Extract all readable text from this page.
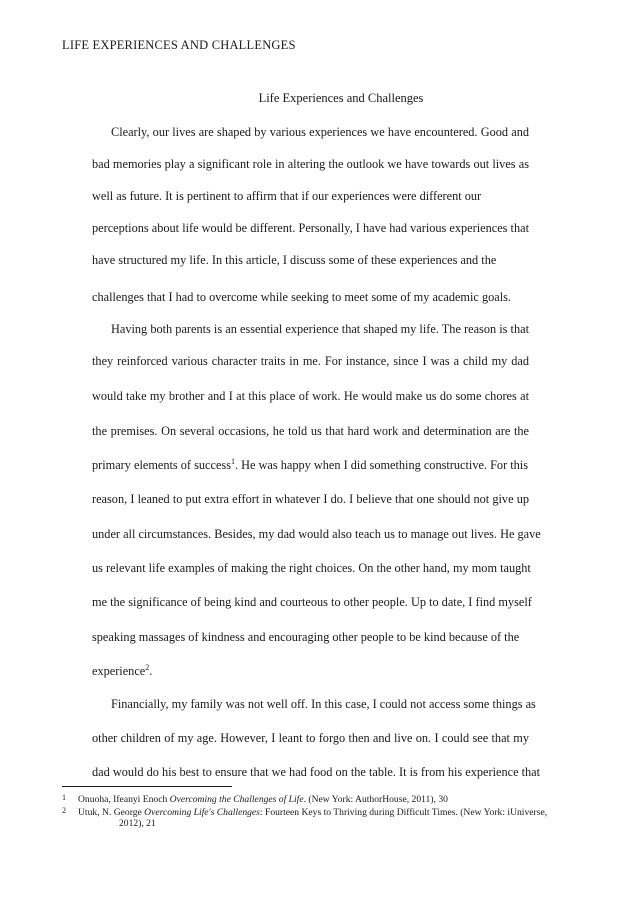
LIFE EXPERIENCES AND CHALLENGES
Life Experiences and Challenges
Clearly, our lives are shaped by various experiences we have encountered. Good and
bad memories play a significant role in altering the outlook we have towards out lives as
well as future. It is pertinent to affirm that if our experiences were different our
perceptions about life would be different. Personally, I have had various experiences that
have structured my life. In this article, I discuss some of these experiences and the
challenges that I had to overcome while seeking to meet some of my academic goals.
Having both parents is an essential experience that shaped my life. The reason is that
they reinforced various character traits in me. For instance, since I was a child my dad
would take my brother and I at this place of work. He would make us do some chores at
the premises. On several occasions, he told us that hard work and determination are the
primary elements of success$^1$. He was happy when I did something constructive. For this
reason, I leaned to put extra effort in whatever I do. I believe that one should not give up
under all circumstances. Besides, my dad would also teach us to manage out lives. He gave
us relevant life examples of making the right choices. On the other hand, my mom taught
me the significance of being kind and courteous to other people. Up to date, I find myself
speaking massages of kindness and encouraging other people to be kind because of the
experience$^2$.
Financially, my family was not well off. In this case, I could not access some things as
other children of my age. However, I leant to forgo then and live on. I could see that my
dad would do his best to ensure that we had food on the table. It is from his experience that
1 Onuoha, Ifeanyi Enoch Overcoming the Challenges of Life. (New York: AuthorHouse, 2011), 30
2 Utuk, N. George Overcoming Life's Challenges: Fourteen Keys to Thriving during Difficult Times. (New York: iUniverse,
2012), 21
